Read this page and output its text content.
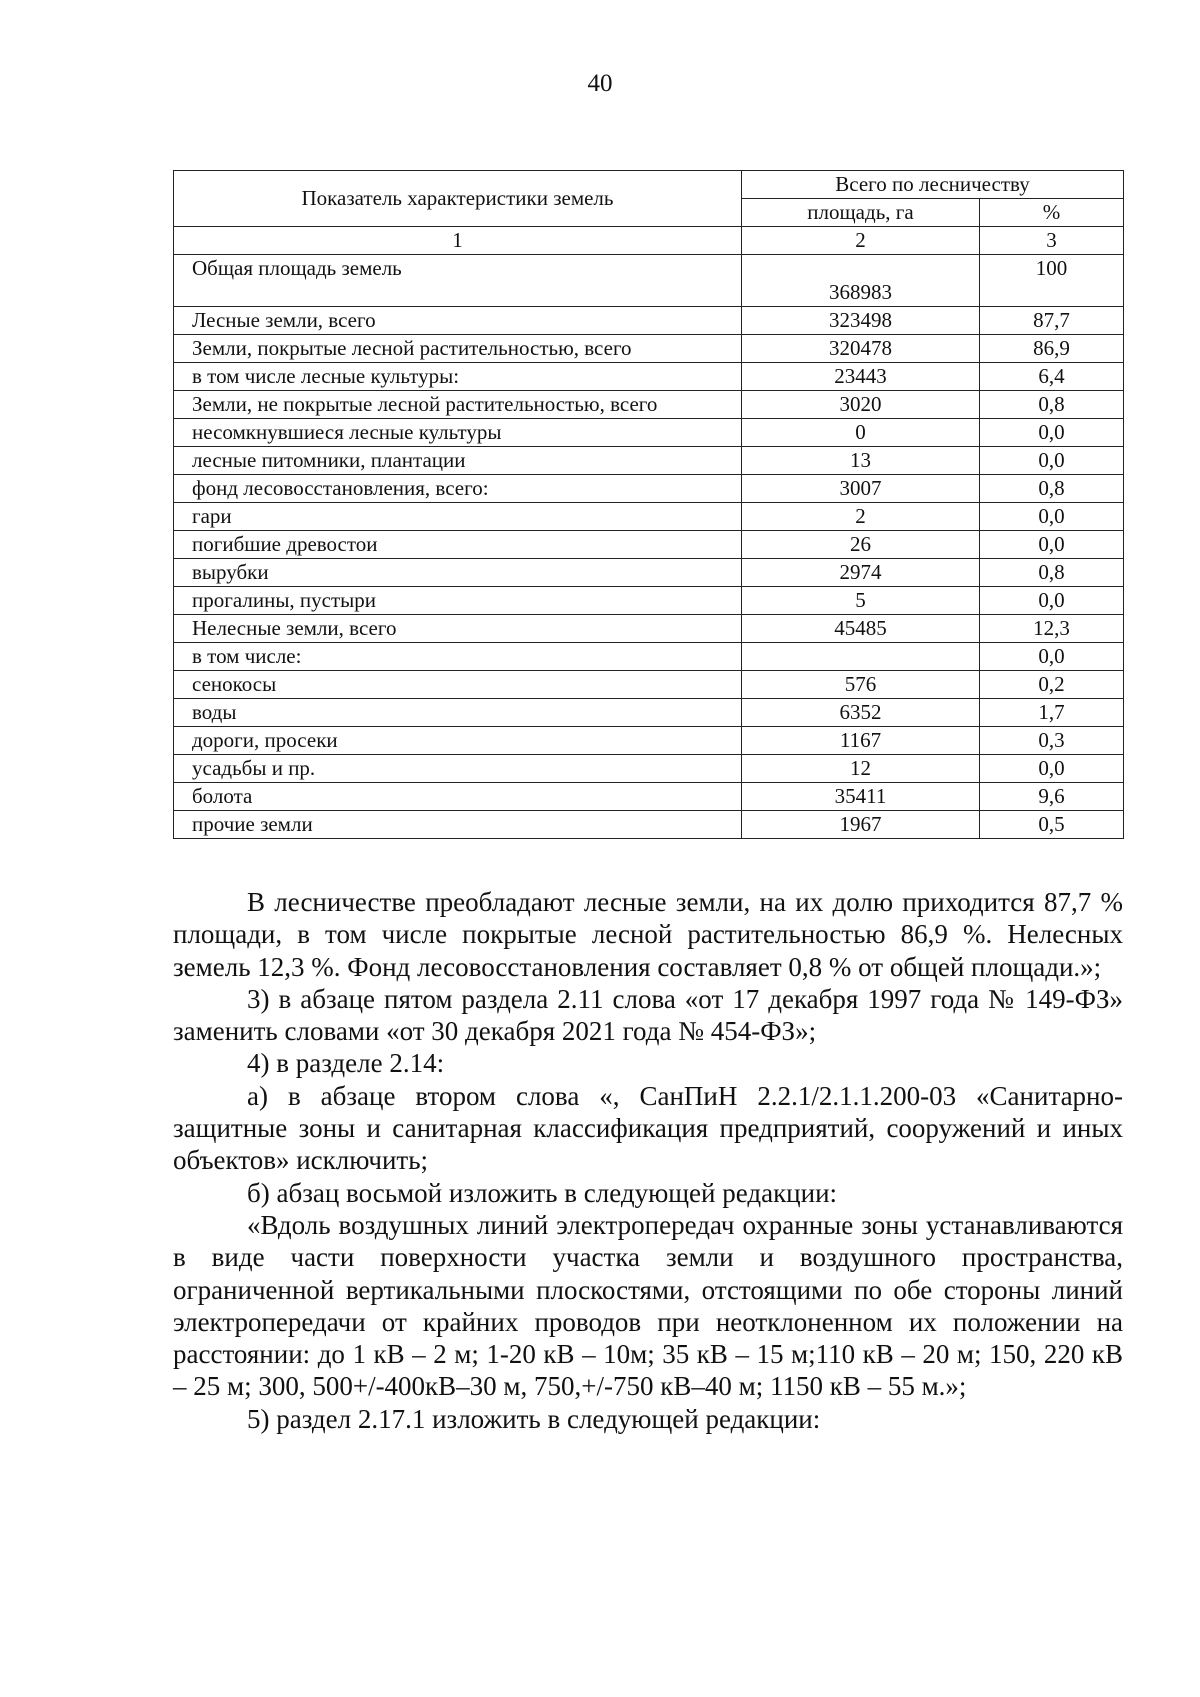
40
Показатель характеристики земель	Всего по лесничеству	
	площадь, га	%
1	2	3
Общая площадь земель	368983	100
Лесные земли, всего	323498	87,7
Земли, покрытые лесной растительностью, всего	320478	86,9
в том числе лесные культуры:	23443	6,4
Земли, не покрытые лесной растительностью, всего	3020	0,8
несомкнувшиеся лесные культуры	0	0,0
лесные питомники, плантации	13	0,0
фонд лесовосстановления, всего:	3007	0,8
гари	2	0,0
погибшие древостои	26	0,0
вырубки	2974	0,8
прогалины, пустыри	5	0,0
Нелесные земли, всего	45485	12,3
в том числе:		0,0
сенокосы	576	0,2
воды	6352	1,7
дороги, просеки	1167	0,3
усадьбы и пр.	12	0,0
болота	35411	9,6
прочие земли	1967	0,5

В лесничестве преобладают лесные земли, на их долю приходится 87,7 % площади, в том числе покрытые лесной растительностью 86,9 %. Нелесных земель 12,3 %. Фонд лесовосстановления составляет 0,8 % от общей площади.»;

3) в абзаце пятом раздела 2.11 слова «от 17 декабря 1997 года № 149-ФЗ» заменить словами «от 30 декабря 2021 года № 454-ФЗ»;

4) в разделе 2.14:

а) в абзаце втором слова «, СанПиН 2.2.1/2.1.1.200-03 «Санитарно-защитные зоны и санитарная классификация предприятий, сооружений и иных объектов» исключить;

б) абзац восьмой изложить в следующей редакции:

«Вдоль воздушных линий электропередач охранные зоны устанавливаются в виде части поверхности участка земли и воздушного пространства, ограниченной вертикальными плоскостями, отстоящими по обе стороны линий электропередачи от крайних проводов при неотклоненном их положении на расстоянии: до 1 кВ – 2 м; 1-20 кВ – 10м; 35 кВ – 15 м;110 кВ – 20 м; 150, 220 кВ – 25 м; 300, 500+/-400кВ–30 м, 750,+/-750 кВ–40 м; 1150 кВ – 55 м.»;

5) раздел 2.17.1 изложить в следующей редакции:
